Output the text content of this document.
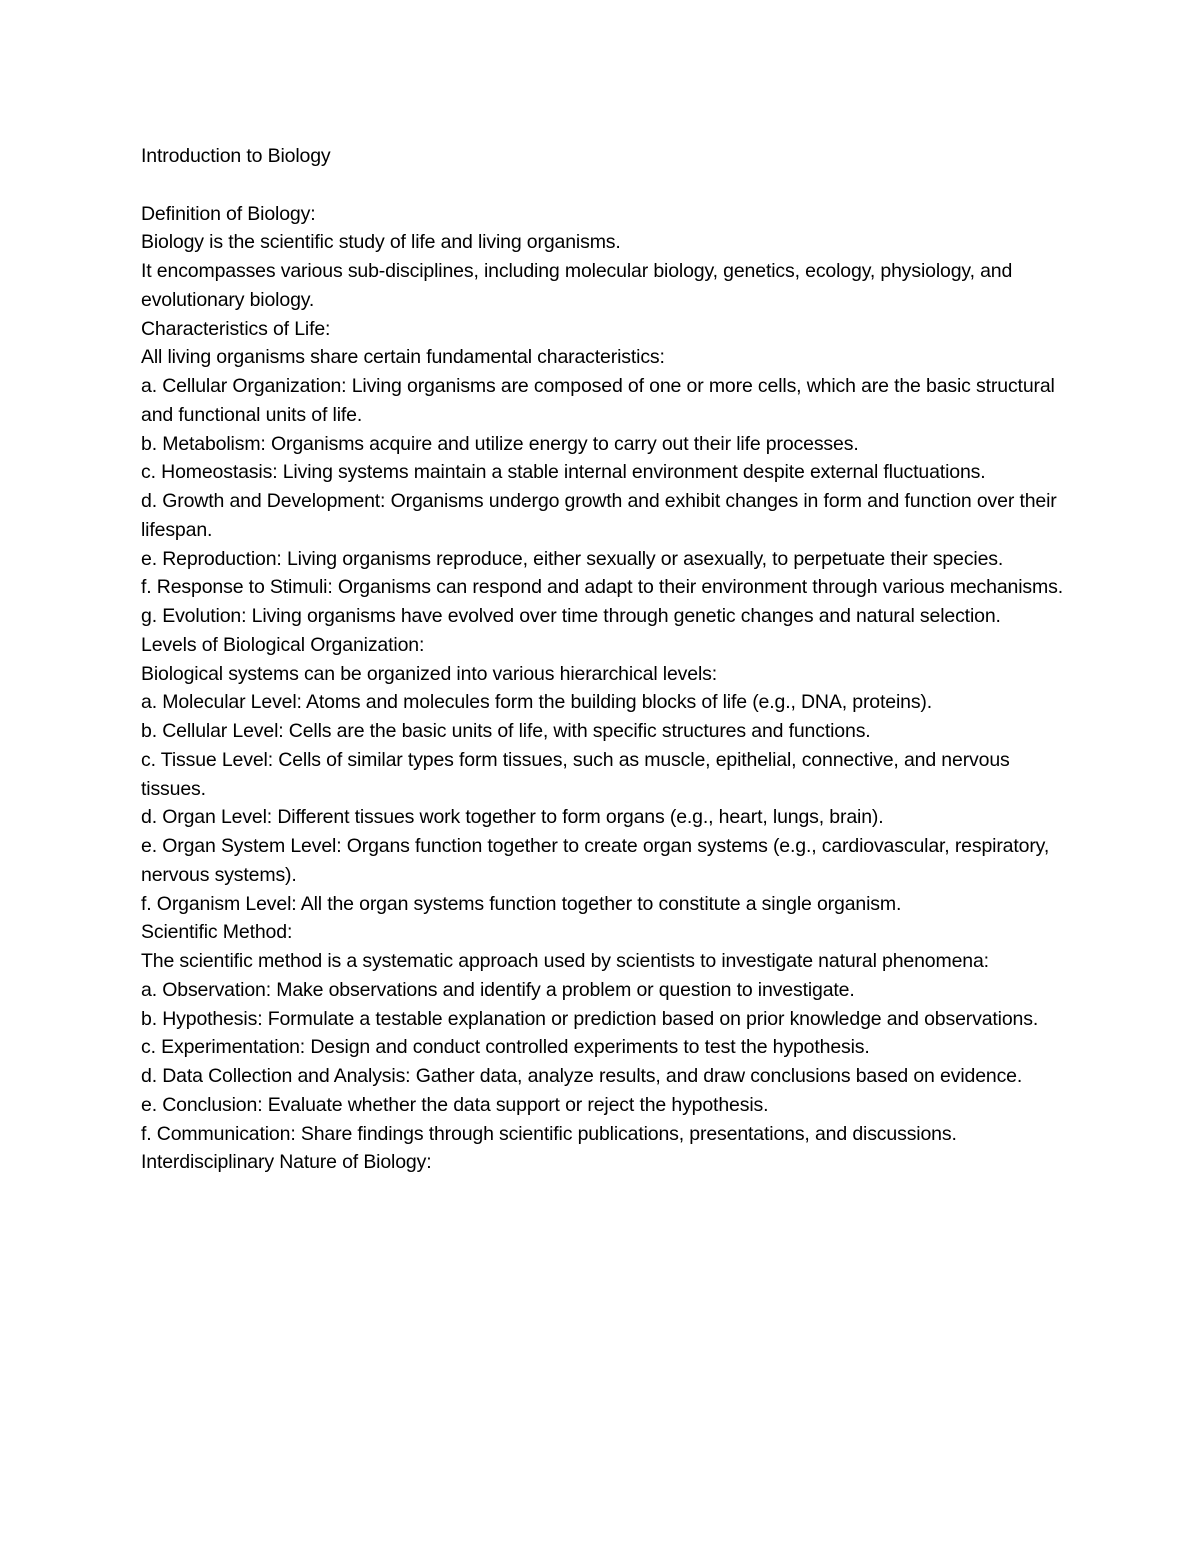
Introduction to Biology

Definition of Biology:

Biology is the scientific study of life and living organisms.

It encompasses various sub-disciplines, including molecular biology, genetics, ecology, physiology, and evolutionary biology.

Characteristics of Life:

All living organisms share certain fundamental characteristics:

a. Cellular Organization: Living organisms are composed of one or more cells, which are the basic structural and functional units of life.

b. Metabolism: Organisms acquire and utilize energy to carry out their life processes.

c. Homeostasis: Living systems maintain a stable internal environment despite external fluctuations.

d. Growth and Development: Organisms undergo growth and exhibit changes in form and function over their lifespan.

e. Reproduction: Living organisms reproduce, either sexually or asexually, to perpetuate their species.

f. Response to Stimuli: Organisms can respond and adapt to their environment through various mechanisms.

g. Evolution: Living organisms have evolved over time through genetic changes and natural selection.

Levels of Biological Organization:

Biological systems can be organized into various hierarchical levels:

a. Molecular Level: Atoms and molecules form the building blocks of life (e.g., DNA, proteins).

b. Cellular Level: Cells are the basic units of life, with specific structures and functions.

c. Tissue Level: Cells of similar types form tissues, such as muscle, epithelial, connective, and nervous tissues.

d. Organ Level: Different tissues work together to form organs (e.g., heart, lungs, brain).

e. Organ System Level: Organs function together to create organ systems (e.g., cardiovascular, respiratory, nervous systems).

f. Organism Level: All the organ systems function together to constitute a single organism.

Scientific Method:

The scientific method is a systematic approach used by scientists to investigate natural phenomena:

a. Observation: Make observations and identify a problem or question to investigate.

b. Hypothesis: Formulate a testable explanation or prediction based on prior knowledge and observations.

c. Experimentation: Design and conduct controlled experiments to test the hypothesis.

d. Data Collection and Analysis: Gather data, analyze results, and draw conclusions based on evidence.

e. Conclusion: Evaluate whether the data support or reject the hypothesis.

f. Communication: Share findings through scientific publications, presentations, and discussions.

Interdisciplinary Nature of Biology:
